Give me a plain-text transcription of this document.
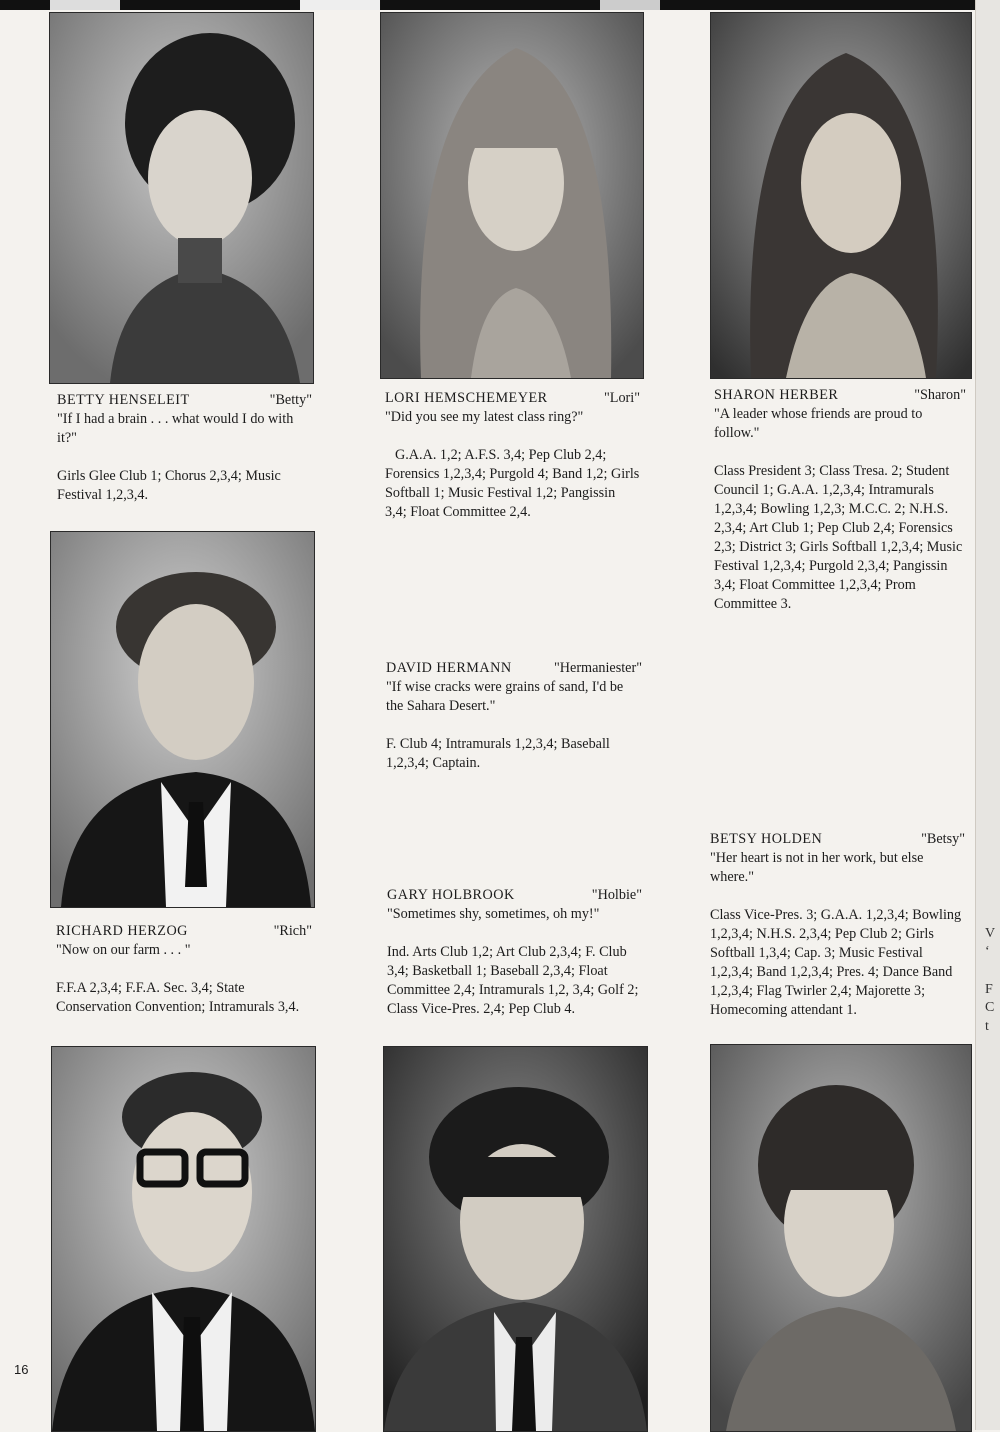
BETTY HENSELEIT	"Betty"

"If I had a brain . . . what would I do with it?"

Girls Glee Club 1; Chorus 2,3,4; Music Festival 1,2,3,4.

LORI HEMSCHEMEYER	"Lori"

"Did you see my latest class ring?"

G.A.A. 1,2; A.F.S. 3,4; Pep Club 2,4; Forensics 1,2,3,4; Purgold 4; Band 1,2; Girls Softball 1; Music Festival 1,2; Pangissin 3,4; Float Committee 2,4.

SHARON HERBER	"Sharon"

"A leader whose friends are proud to follow."

Class President 3; Class Tresa. 2; Student Council 1; G.A.A. 1,2,3,4; Intramurals 1,2,3,4; Bowling 1,2,3; M.C.C. 2; N.H.S. 2,3,4; Art Club 1; Pep Club 2,4; Forensics 2,3; District 3; Girls Softball 1,2,3,4; Music Festival 1,2,3,4; Purgold 2,3,4; Pangissin 3,4; Float Committee 1,2,3,4; Prom Committee 3.

DAVID HERMANN	"Hermaniester"

"If wise cracks were grains of sand, I'd be the Sahara Desert."

F. Club 4; Intramurals 1,2,3,4; Baseball 1,2,3,4; Captain.

BETSY HOLDEN	"Betsy"

"Her heart is not in her work, but else where."

Class Vice-Pres. 3; G.A.A. 1,2,3,4; Bowling 1,2,3,4; N.H.S. 2,3,4; Pep Club 2; Girls Softball 1,3,4; Cap. 3; Music Festival 1,2,3,4; Band 1,2,3,4; Pres. 4; Dance Band 1,2,3,4; Flag Twirler 2,4; Majorette 3; Homecoming attendant 1.

GARY HOLBROOK	"Holbie"

"Sometimes shy, sometimes, oh my!"

Ind. Arts Club 1,2; Art Club 2,3,4; F. Club 3,4; Basketball 1; Baseball 2,3,4; Float Committee 2,4; Intramurals 1,2, 3,4; Golf 2; Class Vice-Pres. 2,4; Pep Club 4.

RICHARD HERZOG	"Rich"

"Now on our farm . . . "

F.F.A 2,3,4; F.F.A. Sec. 3,4; State Conservation Convention; Intramurals 3,4.

16
V
‘
F
C
t
